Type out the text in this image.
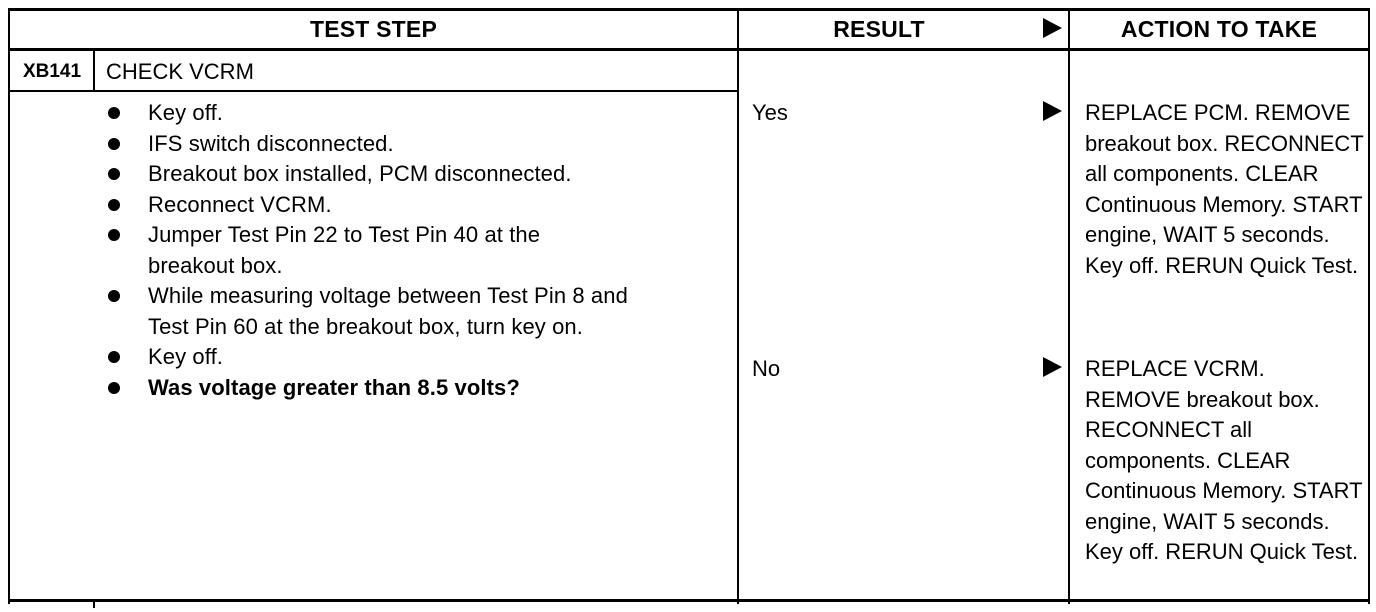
TEST STEP	RESULT	ACTION TO TAKE
XB141	CHECK VCRM
Key off.
IFS switch disconnected.
Breakout box installed, PCM disconnected.
Reconnect VCRM.
Jumper Test Pin 22 to Test Pin 40 at the breakout box.
While measuring voltage between Test Pin 8 and Test Pin 60 at the breakout box, turn key on.
Key off.
Was voltage greater than 8.5 volts?
Yes	REPLACE PCM. REMOVE breakout box. RECONNECT all components. CLEAR Continuous Memory. START engine, WAIT 5 seconds. Key off. RERUN Quick Test.
No	REPLACE VCRM. REMOVE breakout box. RECONNECT all components. CLEAR Continuous Memory. START engine, WAIT 5 seconds. Key off. RERUN Quick Test.
